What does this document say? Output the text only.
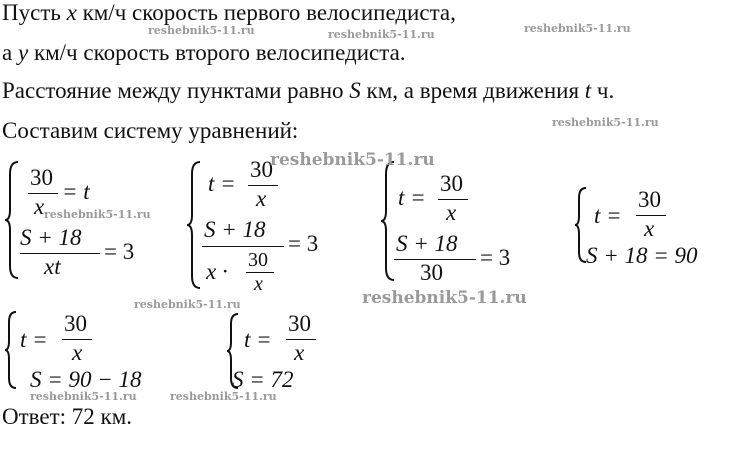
Пусть x км/ч скорость первого велосипедиста,
а y км/ч скорость второго велосипедиста.
Расстояние между пунктами равно S км, а время движения t ч.
Составим систему уравнений:
30
x
= t
S + 18
xt
= 3
t =
30
x
S + 18
x · 30
x
= 3
t =
30
x
S + 18
30
= 3
t =
30
x
S + 18 = 90
t =
30
x
S = 90 − 18
t =
30
x
S = 72
Ответ: 72 км.
reshebnik5-11.ru	reshebnik5-11.ru	reshebnik5-11.ru
reshebnik5-11.ru
reshebnik5-11.ru
reshebnik5-11.ru
reshebnik5-11.ru	reshebnik5-11.ru
reshebnik5-11.ru	reshebnik5-11.ru
